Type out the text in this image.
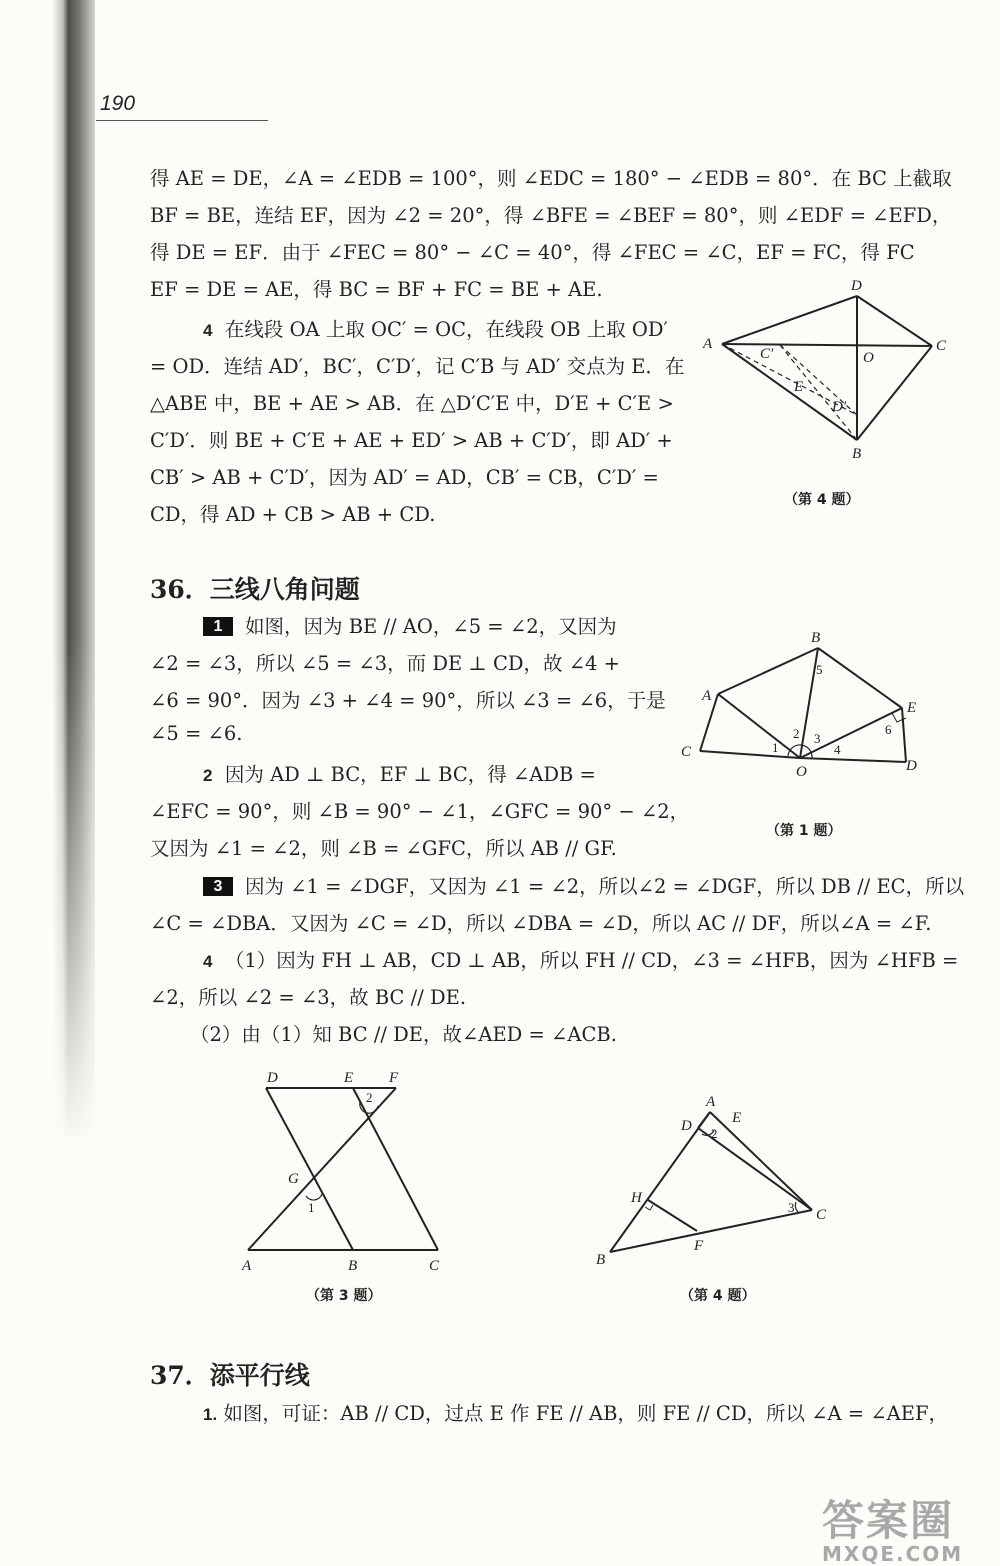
190
得 AE = DE，∠A = ∠EDB = 100°，则 ∠EDC = 180° − ∠EDB = 80°．在 BC 上截取
BF = BE，连结 EF，因为 ∠2 = 20°，得 ∠BFE = ∠BEF = 80°，则 ∠EDF = ∠EFD，
得 DE = EF．由于 ∠FEC = 80° − ∠C = 40°，得 ∠FEC = ∠C，EF = FC，得 FC
EF = DE = AE，得 BC = BF + FC = BE + AE.
4 在线段 OA 上取 OC′ = OC，在线段 OB 上取 OD′
= OD．连结 AD′，BC′，C′D′，记 C′B 与 AD′ 交点为 E．在
△ABE 中，BE + AE > AB．在 △D′C′E 中，D′E + C′E >
C′D′．则 BE + C′E + AE + ED′ > AB + C′D′，即 AD′ +
CB′ > AB + C′D′，因为 AD′ = AD，CB′ = CB，C′D′ =
CD，得 AD + CB > AB + CD.
D
A
C′	O
C
E
D′
B
（第 4 题）
36．三线八角问题
1 如图，因为 BE // AO，∠5 = ∠2，又因为
∠2 = ∠3，所以 ∠5 = ∠3，而 DE ⊥ CD，故 ∠4 +
∠6 = 90°．因为 ∠3 + ∠4 = 90°，所以 ∠3 = ∠6，于是
∠5 = ∠6.
2 因为 AD ⊥ BC，EF ⊥ BC，得 ∠ADB =
∠EFC = 90°，则 ∠B = 90° − ∠1，∠GFC = 90° − ∠2，
又因为 ∠1 = ∠2，则 ∠B = ∠GFC，所以 AB // GF.
B
5
A
E
6
2 3
1	4
C
O	D
（第 1 题）
3 因为 ∠1 = ∠DGF，又因为 ∠1 = ∠2，所以∠2 = ∠DGF，所以 DB // EC，所以
∠C = ∠DBA．又因为 ∠C = ∠D，所以 ∠DBA = ∠D，所以 AC // DF，所以∠A = ∠F.
4 （1）因为 FH ⊥ AB，CD ⊥ AB，所以 FH // CD，∠3 = ∠HFB，因为 ∠HFB =
∠2，所以 ∠2 = ∠3，故 BC // DE.
（2）由（1）知 BC // DE，故∠AED = ∠ACB.
D	E F
2
G
1
A	B	C
（第 3 题）
A
D	E
2
H
3 C
F
B
（第 4 题）
37．添平行线
1. 如图，可证：AB // CD，过点 E 作 FE // AB，则 FE // CD，所以 ∠A = ∠AEF，
答案圈
MXQE.COM
